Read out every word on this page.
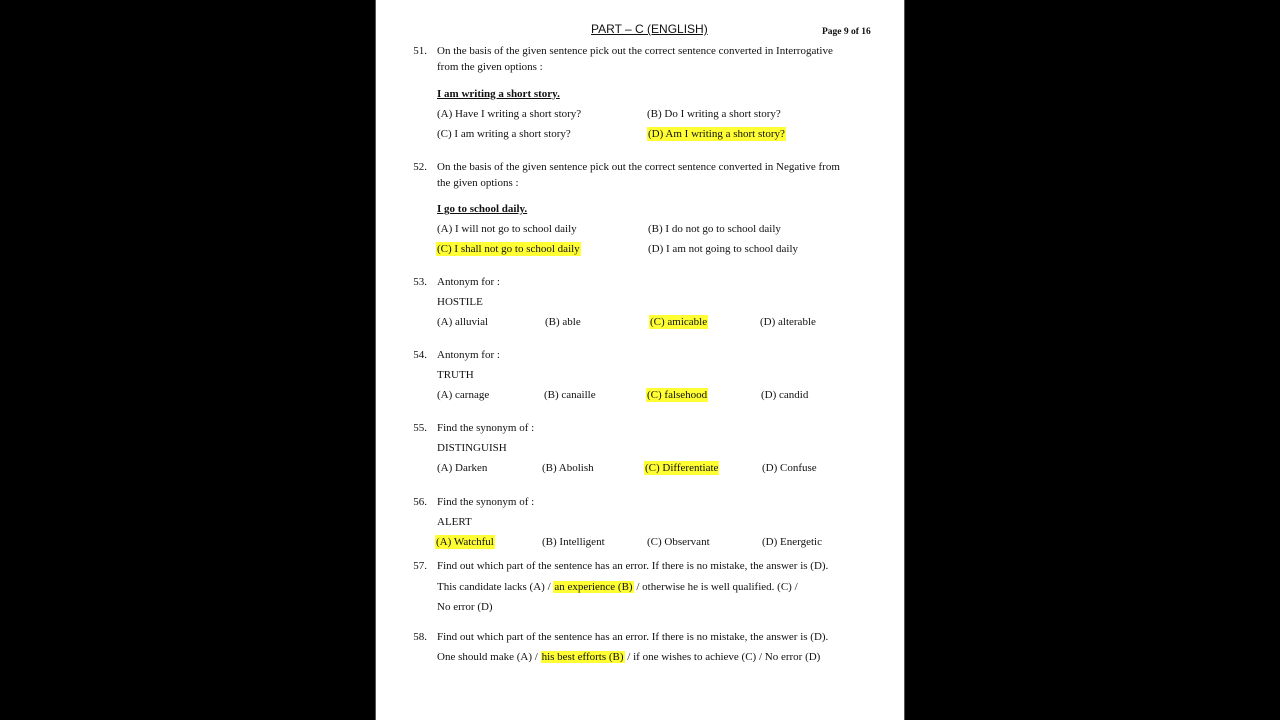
PART – C (ENGLISH)	Page 9 of 16
51. On the basis of the given sentence pick out the correct sentence converted in Interrogative
from the given options :
I am writing a short story.
(A) Have I writing a short story?	(B) Do I writing a short story?
(C) I am writing a short story?	(D) Am I writing a short story?
52. On the basis of the given sentence pick out the correct sentence converted in Negative from
the given options :
I go to school daily.
(A) I will not go to school daily	(B) I do not go to school daily
(C) I shall not go to school daily	(D) I am not going to school daily
53. Antonym for :
HOSTILE
(A) alluvial	(B) able	(C) amicable	(D) alterable
54. Antonym for :
TRUTH
(A) carnage	(B) canaille	(C) falsehood	(D) candid
55. Find the synonym of :
DISTINGUISH
(A) Darken	(B) Abolish	(C) Differentiate	(D) Confuse
56. Find the synonym of :
ALERT
(A) Watchful	(B) Intelligent	(C) Observant	(D) Energetic
57. Find out which part of the sentence has an error. If there is no mistake, the answer is (D).
This candidate lacks (A) / an experience (B) / otherwise he is well qualified. (C) /
No error (D)
58. Find out which part of the sentence has an error. If there is no mistake, the answer is (D).
One should make (A) / his best efforts (B) / if one wishes to achieve (C) / No error (D)
